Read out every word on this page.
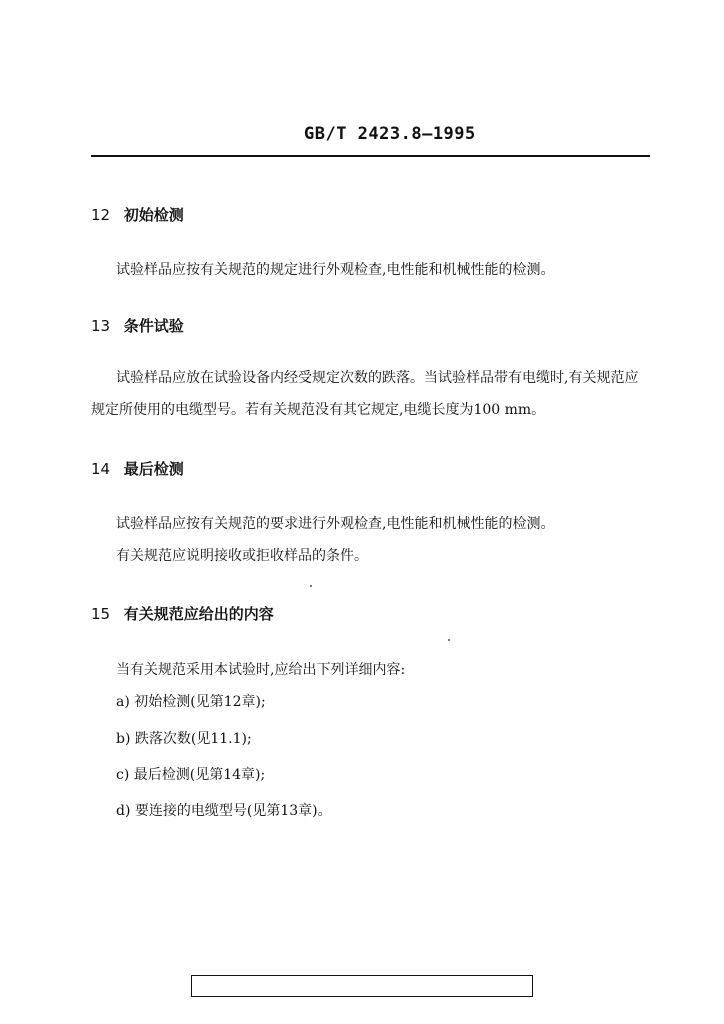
GB/T 2423.8—1995
12 初始检测
试验样品应按有关规范的规定进行外观检查,电性能和机械性能的检测。
13 条件试验
试验样品应放在试验设备内经受规定次数的跌落。当试验样品带有电缆时,有关规范应规定所使用的电缆型号。若有关规范没有其它规定,电缆长度为100 mm。
14 最后检测
试验样品应按有关规范的要求进行外观检查,电性能和机械性能的检测。
有关规范应说明接收或拒收样品的条件。
15 有关规范应给出的内容
当有关规范采用本试验时,应给出下列详细内容:
a) 初始检测(见第12章);
b) 跌落次数(见11.1);
c) 最后检测(见第14章);
d) 要连接的电缆型号(见第13章)。
